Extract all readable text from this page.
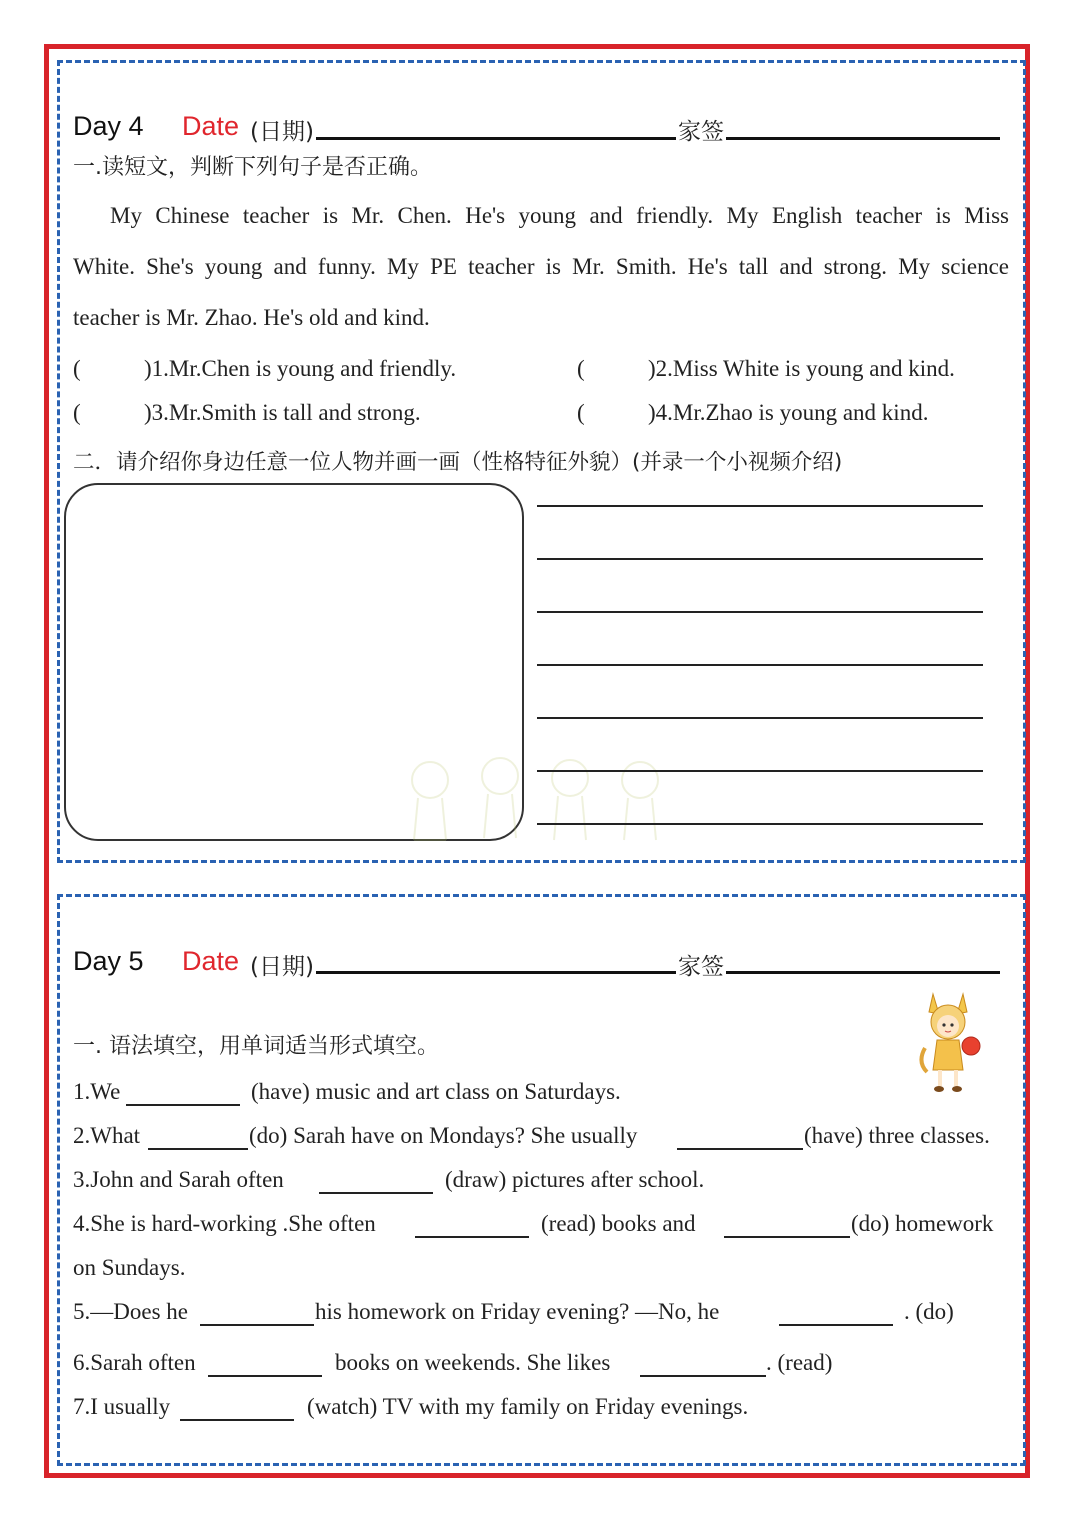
Day 4 Date (日期)	家签
一.读短文，判断下列句子是否正确。
My Chinese teacher is Mr. Chen. He's young and friendly. My English teacher is Miss
White. She's young and funny. My PE teacher is Mr. Smith. He's tall and strong. My science
teacher is Mr. Zhao. He's old and kind.
(	)1.Mr.Chen is young and friendly.	(	)2.Miss White is young and kind.
(	)3.Mr.Smith is tall and strong.	(	)4.Mr.Zhao is young and kind.
二．请介绍你身边任意一位人物并画一画（性格特征外貌）(并录一个小视频介绍)
Day 5 Date (日期)	家签
一. 语法填空，用单词适当形式填空。
1.We	(have) music and art class on Saturdays.
2.What	(do) Sarah have on Mondays? She usually	(have) three classes.
3.John and Sarah often	(draw) pictures after school.
4.She is hard-working .She often	(read) books and	(do) homework
on Sundays.
5.—Does he	his homework on Friday evening? —No, he	. (do)
6.Sarah often	books on weekends. She likes	. (read)
7.I usually	(watch) TV with my family on Friday evenings.
